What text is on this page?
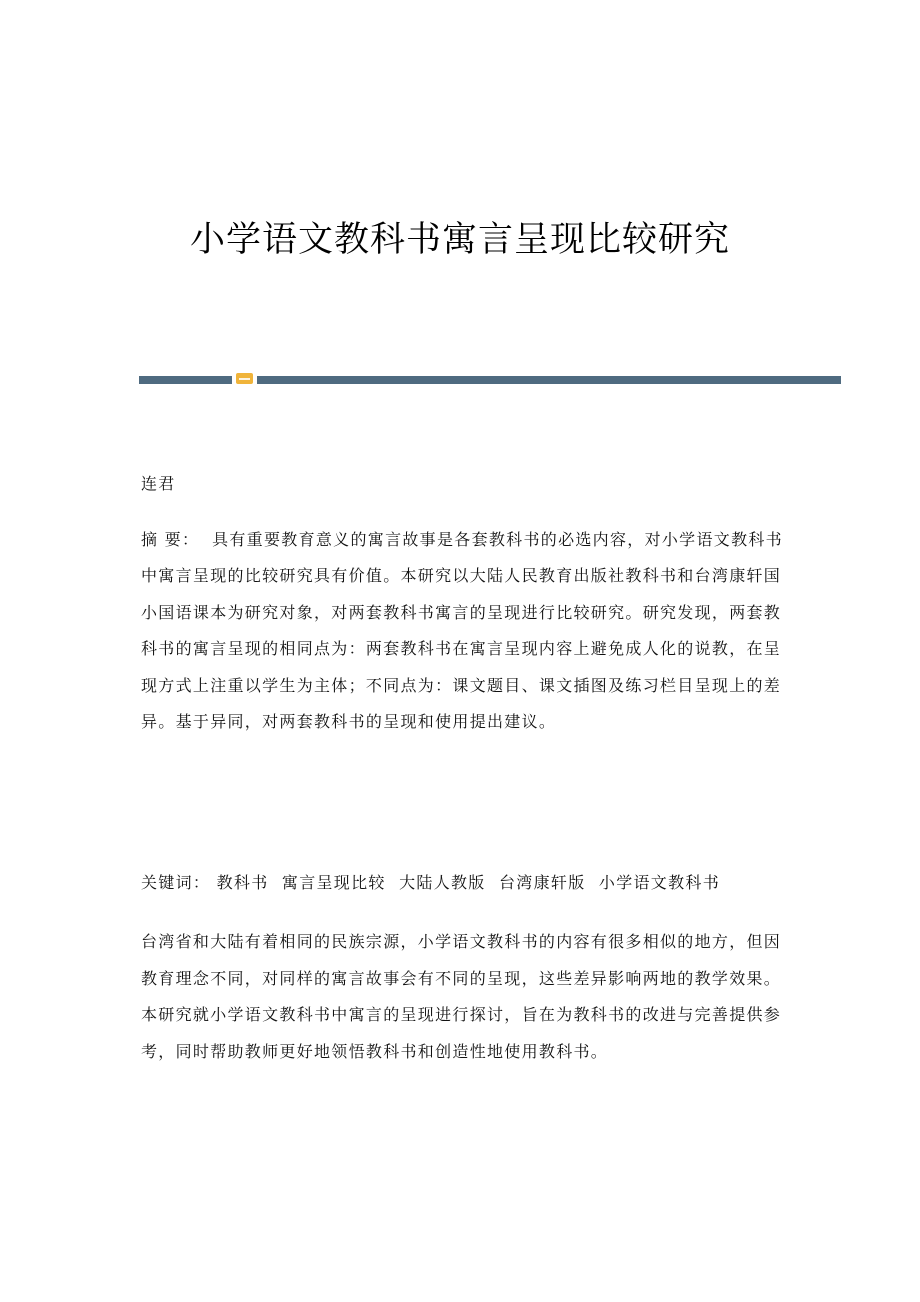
小学语文教科书寓言呈现比较研究
连君
摘 要： 具有重要教育意义的寓言故事是各套教科书的必选内容，对小学语文教科书中寓言呈现的比较研究具有价值。本研究以大陆人民教育出版社教科书和台湾康轩国小国语课本为研究对象，对两套教科书寓言的呈现进行比较研究。研究发现，两套教科书的寓言呈现的相同点为：两套教科书在寓言呈现内容上避免成人化的说教，在呈现方式上注重以学生为主体；不同点为：课文题目、课文插图及练习栏目呈现上的差异。基于异同，对两套教科书的呈现和使用提出建议。
关键词： 教科书 寓言呈现比较 大陆人教版 台湾康轩版 小学语文教科书
台湾省和大陆有着相同的民族宗源，小学语文教科书的内容有很多相似的地方，但因教育理念不同，对同样的寓言故事会有不同的呈现，这些差异影响两地的教学效果。本研究就小学语文教科书中寓言的呈现进行探讨，旨在为教科书的改进与完善提供参考，同时帮助教师更好地领悟教科书和创造性地使用教科书。
